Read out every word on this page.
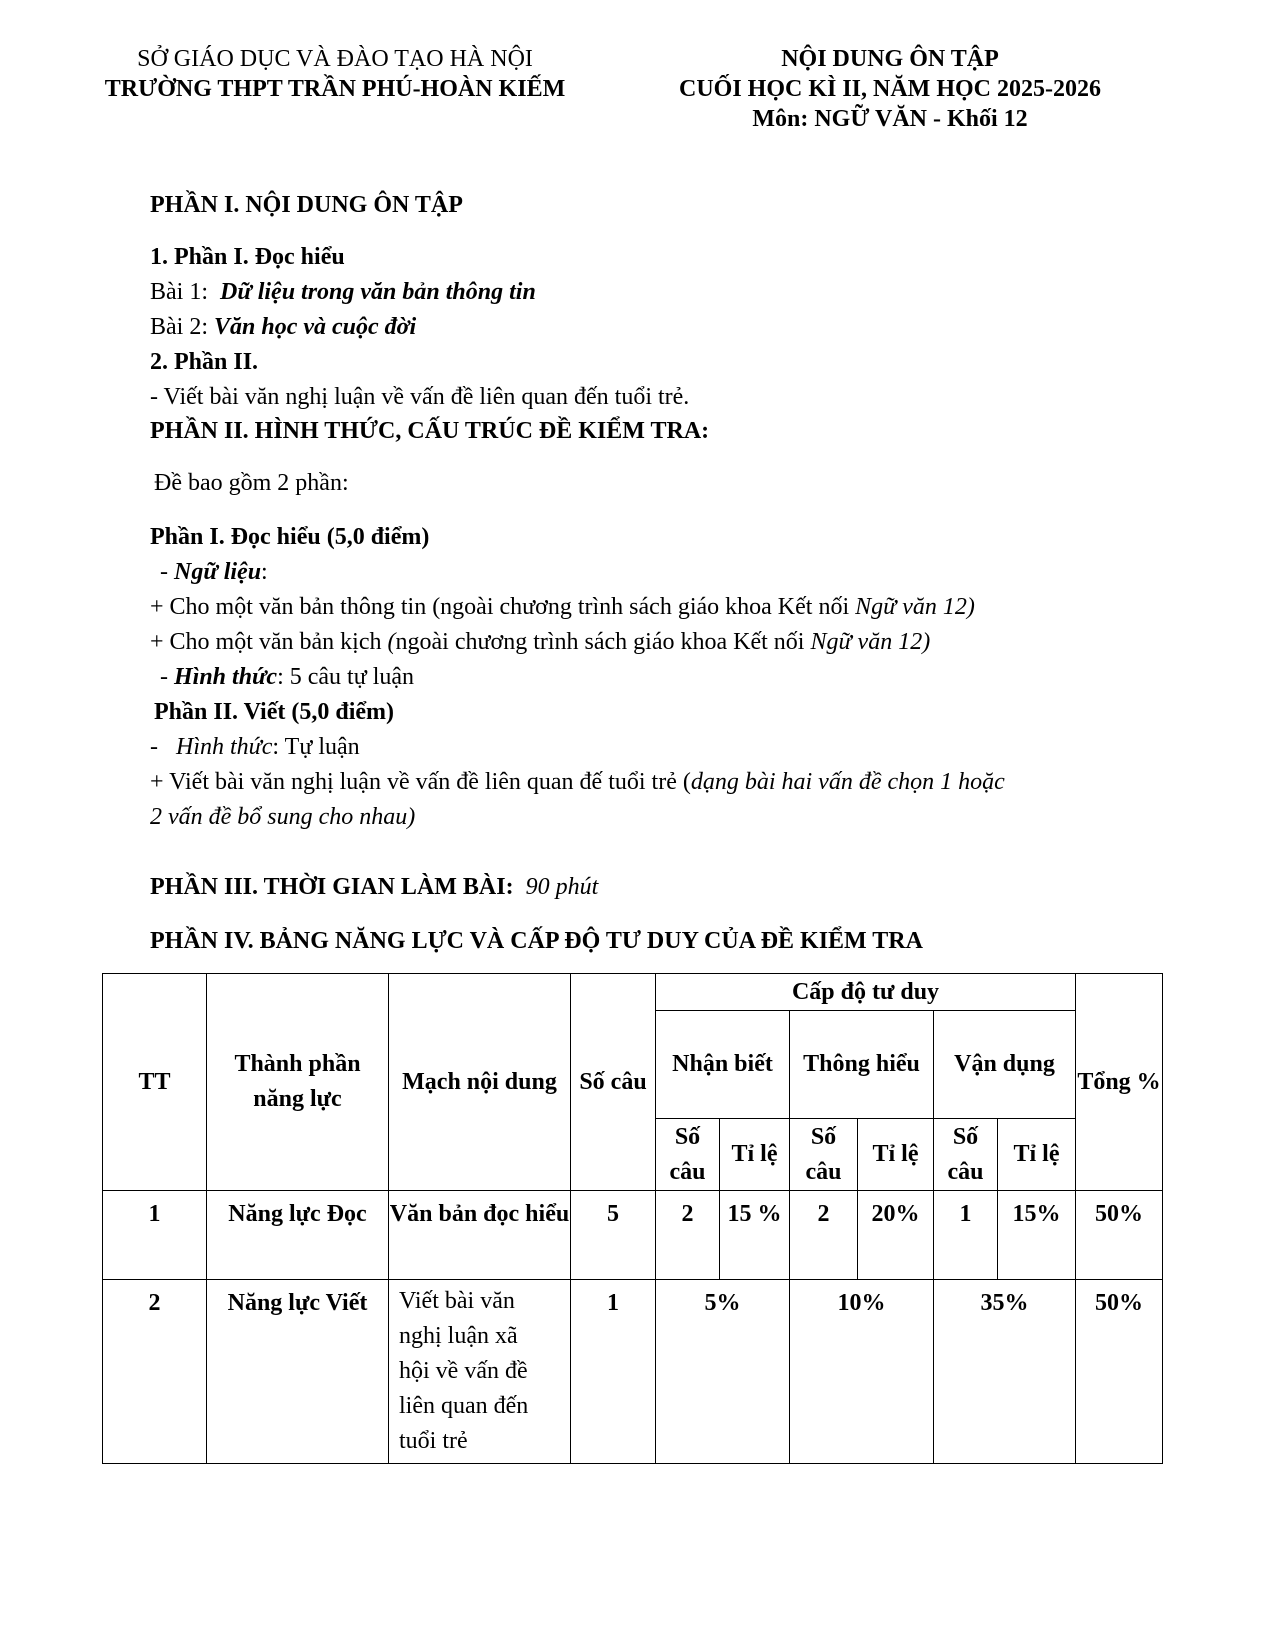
SỞ GIÁO DỤC VÀ ĐÀO TẠO HÀ NỘI
TRƯỜNG THPT TRẦN PHÚ-HOÀN KIẾM
NỘI DUNG ÔN TẬP
CUỐI HỌC KÌ II, NĂM HỌC 2025-2026
Môn: NGỮ VĂN - Khối 12
PHẦN I. NỘI DUNG ÔN TẬP
1. Phần I. Đọc hiểu
Bài 1: Dữ liệu trong văn bản thông tin
Bài 2: Văn học và cuộc đời
2. Phần II.
- Viết bài văn nghị luận về vấn đề liên quan đến tuổi trẻ.
PHẦN II. HÌNH THỨC, CẤU TRÚC ĐỀ KIỂM TRA:
Đề bao gồm 2 phần:
Phần I. Đọc hiểu (5,0 điểm)
- Ngữ liệu:
+ Cho một văn bản thông tin (ngoài chương trình sách giáo khoa Kết nối Ngữ văn 12)
+ Cho một văn bản kịch (ngoài chương trình sách giáo khoa Kết nối Ngữ văn 12)
- Hình thức: 5 câu tự luận
Phần II. Viết (5,0 điểm)
-   Hình thức: Tự luận
+ Viết bài văn nghị luận về vấn đề liên quan đế tuổi trẻ (dạng bài hai vấn đề chọn 1 hoặc
2 vấn đề bổ sung cho nhau)
PHẦN III. THỜI GIAN LÀM BÀI: 90 phút
PHẦN IV. BẢNG NĂNG LỰC VÀ CẤP ĐỘ TƯ DUY CỦA ĐỀ KIỂM TRA
TT	Thành phần năng lực	Mạch nội dung	Số câu	Cấp độ tư duy						Tổng %
				Nhận biết		Thông hiểu		Vận dụng		
				Số câu	Tỉ lệ	Số câu	Tỉ lệ	Số câu	Tỉ lệ	
1	Năng lực Đọc	Văn bản đọc hiểu	5	2	15 %	2	20%	1	15%	50%
2	Năng lực Viết	Viết bài văn
nghị luận xã
hội về vấn đề
liên quan đến
tuổi trẻ	1	5%		10%		35%		50%
